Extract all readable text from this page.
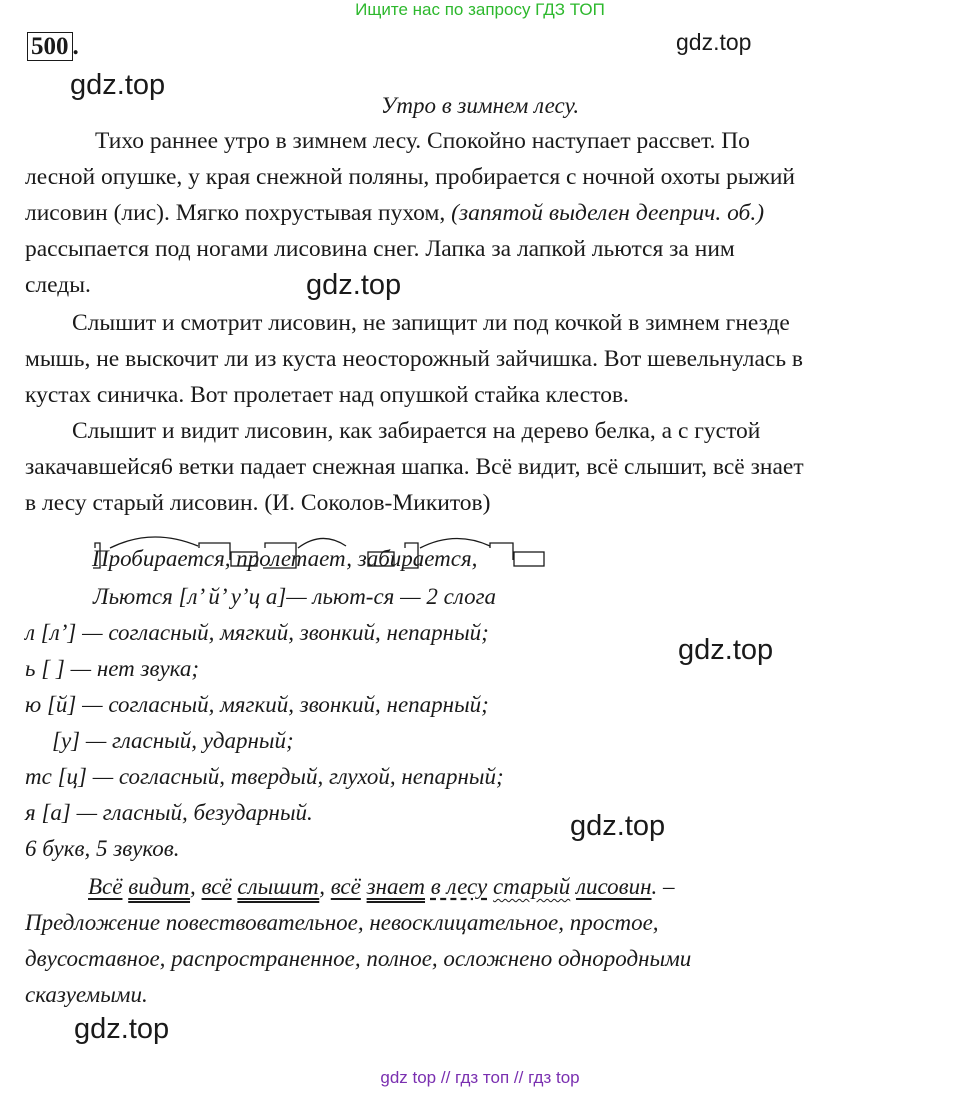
Ищите нас по запросу ГДЗ ТОП
500 .	gdz.top
gdz.top
gdz.top
gdz.top
gdz.top
gdz.top
Утро в зимнем лесу.
Тихо раннее утро в зимнем лесу. Спокойно наступает рассвет. По
лесной опушке, у края снежной поляны, пробирается с ночной охоты рыжий
лисовин (лис). Мягко похрустывая пухом, (запятой выделен дееприч. об.)
рассыпается под ногами лисовина снег. Лапка за лапкой льются за ним
следы.
Слышит и смотрит лисовин, не запищит ли под кочкой в зимнем гнезде
мышь, не выскочит ли из куста неосторожный зайчишка. Вот шевельнулась в
кустах синичка. Вот пролетает над опушкой стайка клестов.
Слышит и видит лисовин, как забирается на дерево белка, а с густой
закачавшейся6 ветки падает снежная шапка. Всё видит, всё слышит, всё знает
в лесу старый лисовин. (И. Соколов-Микитов)
Пробирается, пролетает, забирается,
Льются [л’ й’ у’ц а]— льют-ся — 2 слога
л [л’] — согласный, мягкий, звонкий, непарный;
ь [ ] — нет звука;
ю [й] — согласный, мягкий, звонкий, непарный;
[у] — гласный, ударный;
тс [ц] — согласный, твердый, глухой, непарный;
я [а] — гласный, безударный.
6 букв, 5 звуков.
Всё видит, всё слышит, всё знает в лесу старый лисовин. –
Предложение повествовательное, невосклицательное, простое,
двусоставное, распространенное, полное, осложнено однородными
сказуемыми.
gdz top // гдз топ // гдз top
